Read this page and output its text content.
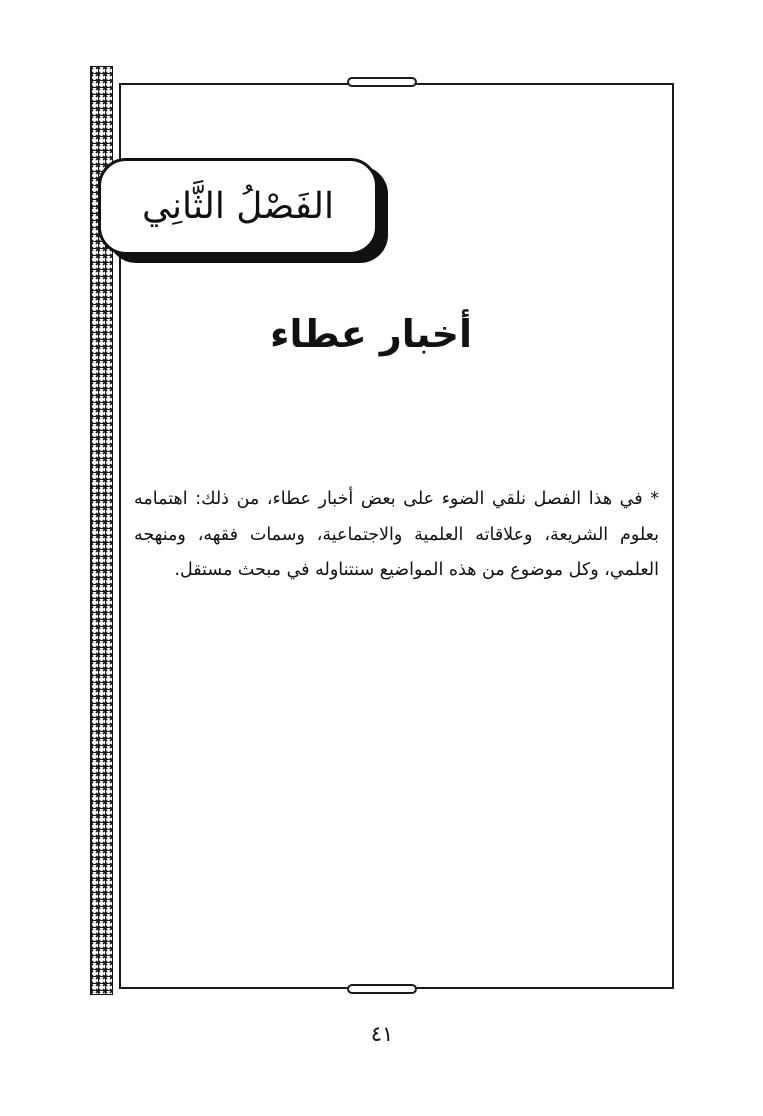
الفَصْلُ الثَّانِي
أخبار عطاء

* في هذا الفصل نلقي الضوء على بعض أخبار عطاء، من ذلك: اهتمامه بعلوم الشريعة، وعلاقاته العلمية والاجتماعية، وسمات فقهه، ومنهجه العلمي، وكل موضوع من هذه المواضيع سنتناوله في مبحث مستقل.

٤١
